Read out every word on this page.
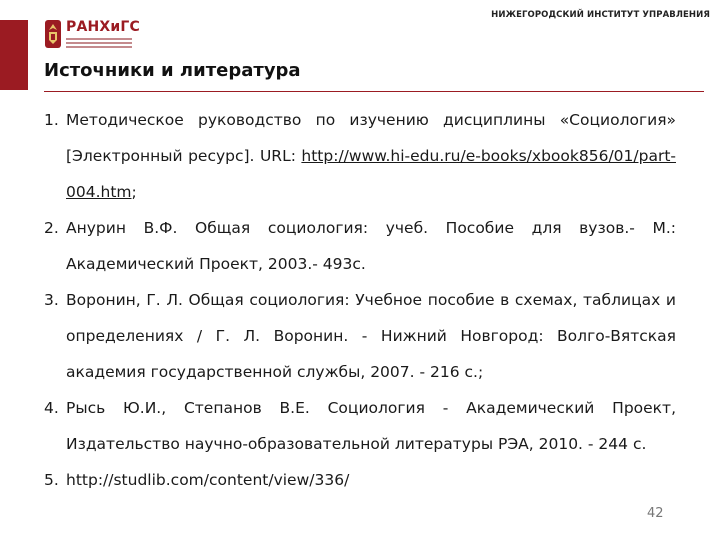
РАНХиГС
НИЖЕГОРОДСКИЙ ИНСТИТУТ УПРАВЛЕНИЯ
Источники и литература
1. Методическое руководство по изучению дисциплины «Социология» [Электронный ресурс]. URL: http://www.hi-edu.ru/e-books/xbook856/01/part-004.htm;
2. Анурин В.Ф. Общая социология: учеб. Пособие для вузов.- М.: Академический Проект, 2003.- 493с.
3. Воронин, Г. Л. Общая социология: Учебное пособие в схемах, таблицах и определениях / Г. Л. Воронин. - Нижний Новгород: Волго-Вятская академия государственной службы, 2007. - 216 с.;
4. Рысь Ю.И., Степанов В.Е. Социология - Академический Проект, Издательство научно-образовательной литературы РЭА, 2010. - 244 с.
5. http://studlib.com/content/view/336/
42
